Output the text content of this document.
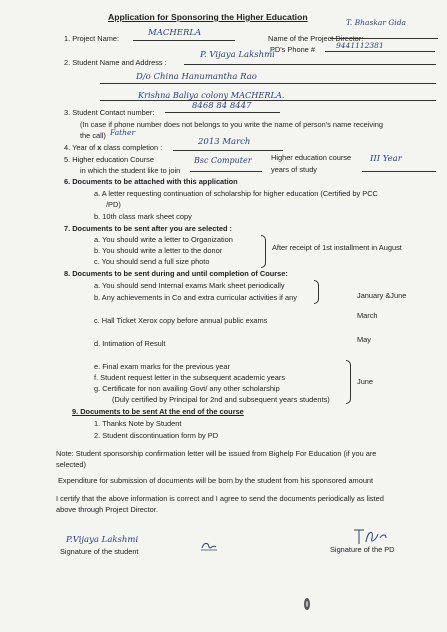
Application for Sponsoring the Higher Education
1. Project Name:
MACHERLA
Name of the Project Director:
T. Bhaskar Gida
PD's Phone #	9441112381
2. Student Name and Address :
P. Vijaya Lakshmi
D/o China Hanumantha Rao
Krishna Baliya colony MACHERLA.
8468 84 8447
3. Student Contact number:
(In case if phone number does not belongs to you write the name of person's name receiving
the call) Father
4. Year of x class completion :
2013 March
5. Higher education Course
in which the student like to join
Bsc Computer	Higher education course
years of study
III Year
6. Documents to be attached with this application
a. A letter requesting continuation of scholarship for higher education (Certified by PCC
/PD)
b. 10th class mark sheet copy
7. Documents to be sent after you are selected :
a. You should write a letter to Organization
b. You should write a letter to the donor
c. You should send a full size photo
After receipt of 1st installment in August
8. Documents to be sent during and until completion of Course:
a. You should send Internal exams Mark sheet periodically
b. Any achievements in Co and extra curricular activities if any	January &June
c. Hall Ticket Xerox copy before annual public exams
March
d. Intimation of Result	May
e. Final exam marks for the previous year
f. Student request letter in the subsequent academic years
g. Certificate for non availing Govt/ any other scholarship
(Duly certified by Principal for 2nd and subsequent years students)
June
9. Documents to be sent At the end of the course
1. Thanks Note by Student
2. Student discontinuation form by PD
Note: Student sponsorship confirmation letter will be issued from Bighelp For Education (if you are
selected)
Expenditure for submission of documents will be born by the student from his sponsored amount
I certify that the above information is correct and I agree to send the documents periodically as listed
above through Project Director.
P.Vijaya Lakshmi
Signature of the student	Signature of the PD
